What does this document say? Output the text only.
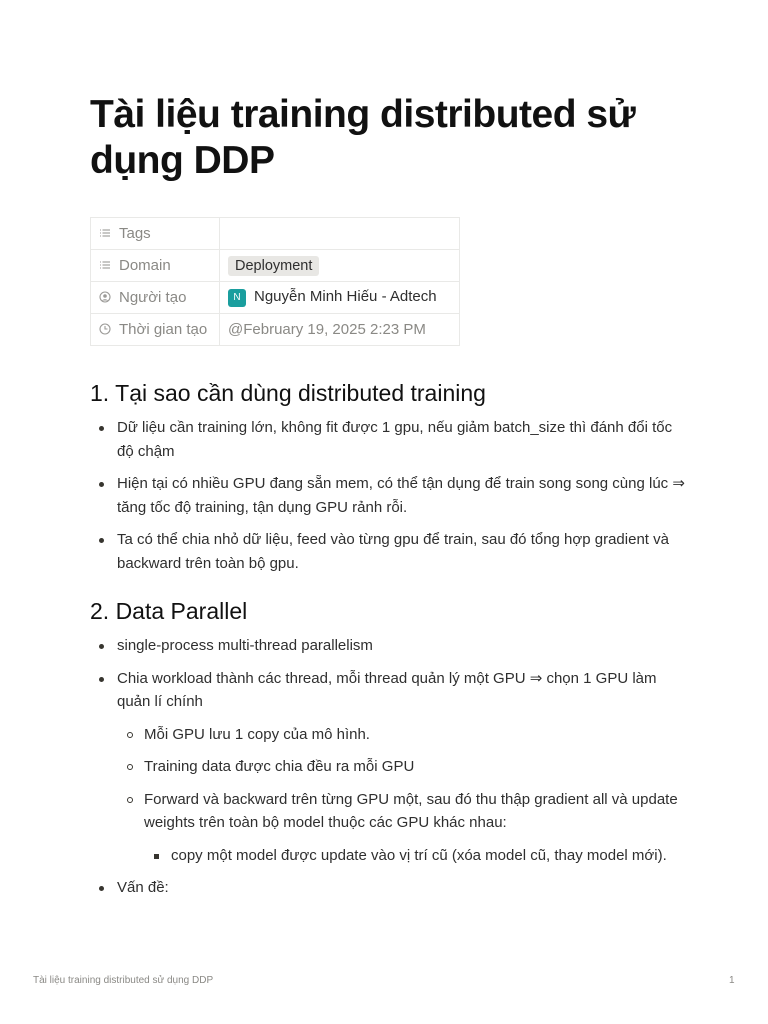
Tài liệu training distributed sử dụng DDP
Tags	
Domain	Deployment
Người tạo	N Nguyễn Minh Hiếu - Adtech
Thời gian tạo	@February 19, 2025 2:23 PM
1. Tại sao cần dùng distributed training
Dữ liệu cần training lớn, không fit được 1 gpu, nếu giảm batch_size thì đánh đổi tốc độ chậm
Hiện tại có nhiều GPU đang sẵn mem, có thể tận dụng để train song song cùng lúc ⇒ tăng tốc độ training, tận dụng GPU rảnh rỗi.
Ta có thể chia nhỏ dữ liệu, feed vào từng gpu để train, sau đó tổng hợp gradient và backward trên toàn bộ gpu.
2. Data Parallel
single-process multi-thread parallelism
Chia workload thành các thread, mỗi thread quản lý một GPU ⇒ chọn 1 GPU làm quản lí chính
Mỗi GPU lưu 1 copy của mô hình.
Training data được chia đều ra mỗi GPU
Forward và backward trên từng GPU một, sau đó thu thập gradient all và update weights trên toàn bộ model thuộc các GPU khác nhau:
copy một model được update vào vị trí cũ (xóa model cũ, thay model mới).
Vấn đề:
Tài liệu training distributed sử dụng DDP	1
